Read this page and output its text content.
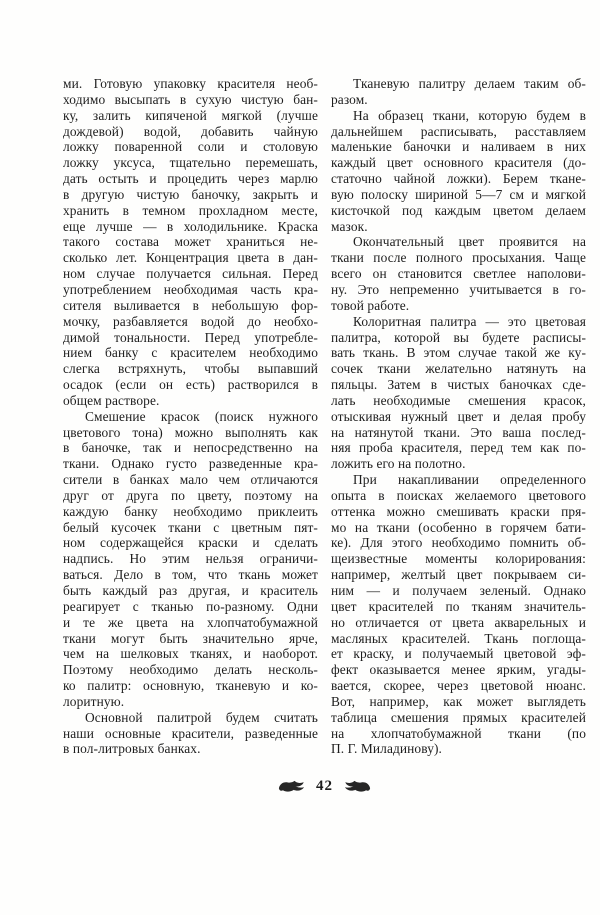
ми. Готовую упаковку красителя необ-
ходимо высыпать в сухую чистую бан-
ку, залить кипяченой мягкой (лучше
дождевой) водой, добавить чайную
ложку поваренной соли и столовую
ложку уксуса, тщательно перемешать,
дать остыть и процедить через марлю
в другую чистую баночку, закрыть и
хранить в темном прохладном месте,
еще лучше — в холодильнике. Краска
такого состава может храниться не-
сколько лет. Концентрация цвета в дан-
ном случае получается сильная. Перед
употреблением необходимая часть кра-
сителя выливается в небольшую фор-
мочку, разбавляется водой до необхо-
димой тональности. Перед употребле-
нием банку с красителем необходимо
слегка встряхнуть, чтобы выпавший
осадок (если он есть) растворился в
общем растворе.
Смешение красок (поиск нужного
цветового тона) можно выполнять как
в баночке, так и непосредственно на
ткани. Однако густо разведенные кра-
сители в банках мало чем отличаются
друг от друга по цвету, поэтому на
каждую банку необходимо приклеить
белый кусочек ткани с цветным пят-
ном содержащейся краски и сделать
надпись. Но этим нельзя ограничи-
ваться. Дело в том, что ткань может
быть каждый раз другая, и краситель
реагирует с тканью по-разному. Одни
и те же цвета на хлопчатобумажной
ткани могут быть значительно ярче,
чем на шелковых тканях, и наоборот.
Поэтому необходимо делать несколь-
ко палитр: основную, тканевую и ко-
лоритную.
Основной палитрой будем считать
наши основные красители, разведенные
в пол-литровых банках.
Тканевую палитру делаем таким об-
разом.
На образец ткани, которую будем в
дальнейшем расписывать, расставляем
маленькие баночки и наливаем в них
каждый цвет основного красителя (до-
статочно чайной ложки). Берем ткане-
вую полоску шириной 5—7 см и мягкой
кисточкой под каждым цветом делаем
мазок.
Окончательный цвет проявится на
ткани после полного просыхания. Чаще
всего он становится светлее наполови-
ну. Это непременно учитывается в го-
товой работе.
Колоритная палитра — это цветовая
палитра, которой вы будете расписы-
вать ткань. В этом случае такой же ку-
сочек ткани желательно натянуть на
пяльцы. Затем в чистых баночках сде-
лать необходимые смешения красок,
отыскивая нужный цвет и делая пробу
на натянутой ткани. Это ваша послед-
няя проба красителя, перед тем как по-
ложить его на полотно.
При накапливании определенного
опыта в поисках желаемого цветового
оттенка можно смешивать краски пря-
мо на ткани (особенно в горячем бати-
ке). Для этого необходимо помнить об-
щеизвестные моменты колорирования:
например, желтый цвет покрываем си-
ним — и получаем зеленый. Однако
цвет красителей по тканям значитель-
но отличается от цвета акварельных и
масляных красителей. Ткань поглоща-
ет краску, и получаемый цветовой эф-
фект оказывается менее ярким, угады-
вается, скорее, через цветовой нюанс.
Вот, например, как может выглядеть
таблица смешения прямых красителей
на хлопчатобумажной ткани (по
П. Г. Миладинову).
42
